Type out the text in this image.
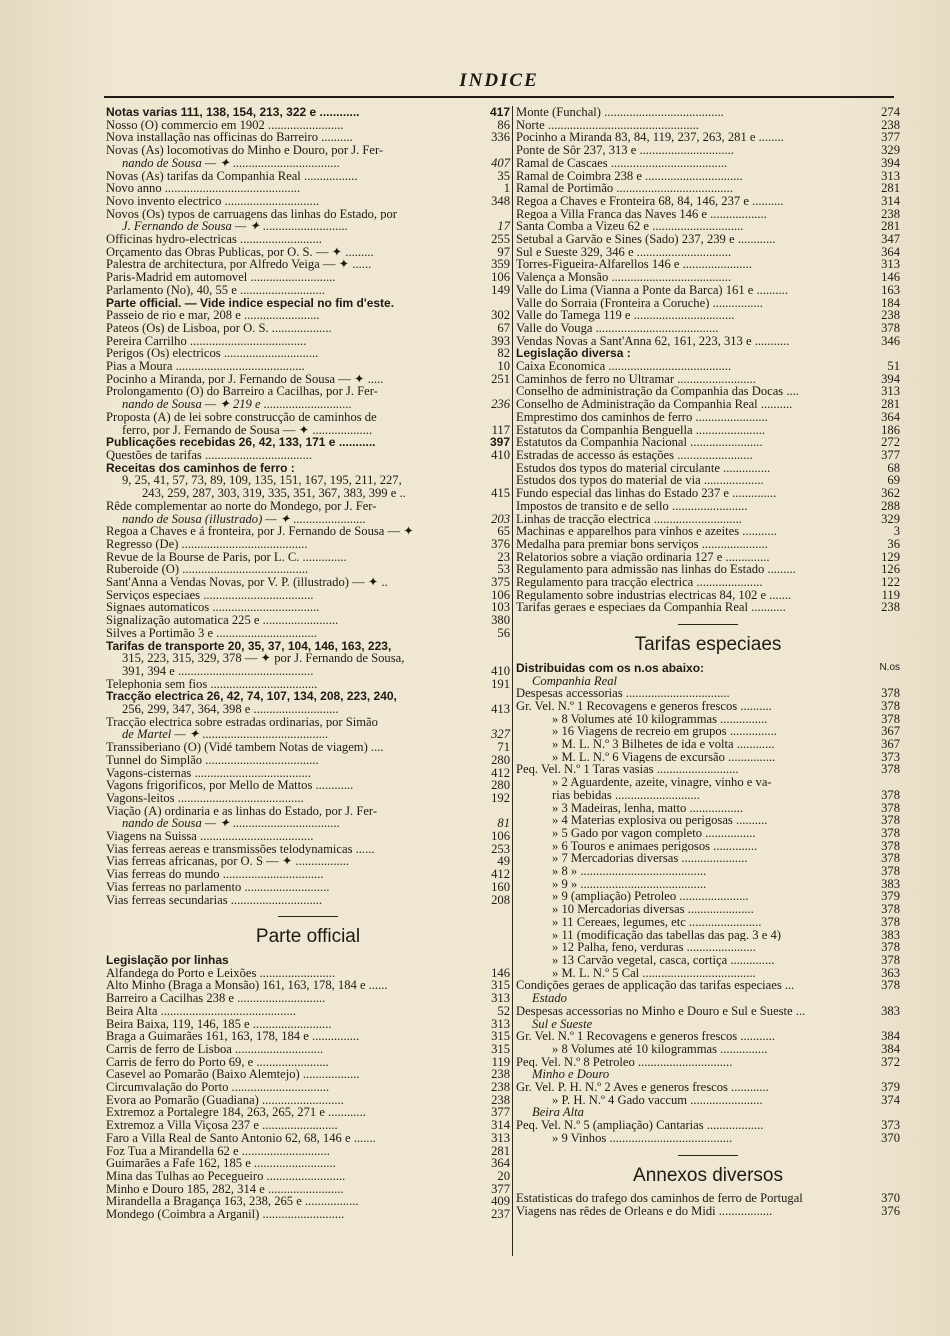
INDICE
Notas varias 111, 138, 154, 213, 322 e ............	417
Nosso (O) commercio em 1902 ........................	86
Nova installação nas officinas do Barreiro ..........	336
Novas (As) locomotivas do Minho e Douro, por J. Fer-
nando de Sousa — ✦ ..................................	407
Novas (As) tarifas da Companhia Real .................	35
Novo anno ...........................................	1
Novo invento electrico ..............................	348
Novos (Os) typos de carruagens das linhas do Estado, por
J. Fernando de Sousa — ✦ ...........................	17
Officinas hydro-electricas ..........................	255
Orçamento das Obras Publicas, por O. S. — ✦ .........	97
Palestra de architectura, por Alfredo Veiga — ✦ ......	359
Paris-Madrid em automovel ...........................	106
Parlamento (No), 40, 55 e ...........................	149
Parte official. — Vide indice especial no fim d'este.
Passeio de rio e mar, 208 e ........................	302
Pateos (Os) de Lisboa, por O. S. ...................	67
Pereira Carrilho .....................................	393
Perigos (Os) electricos ..............................	82
Pias a Moura .........................................	10
Pocinho a Miranda, por J. Fernando de Sousa — ✦ .....	251
Prolongamento (O) do Barreiro a Cacilhas, por J. Fer-
nando de Sousa — ✦ 219 e ............................	236
Proposta (A) de lei sobre construcção de caminhos de
ferro, por J. Fernando de Sousa — ✦ ...................	117
Publicações recebidas 26, 42, 133, 171 e ...........	397
Questões de tarifas ..................................	410
Receitas dos caminhos de ferro :
9, 25, 41, 57, 73, 89, 109, 135, 151, 167, 195, 211, 227,
243, 259, 287, 303, 319, 335, 351, 367, 383, 399 e ..	415
Rêde complementar ao norte do Mondego, por J. Fer-
nando de Sousa (illustrado) — ✦ .......................	203
Regoa a Chaves e á fronteira, por J. Fernando de Sousa — ✦	65
Regresso (De) ........................................	376
Revue de la Bourse de Paris, por L. C. ..............	23
Ruberoide (O) ........................................	53
Sant'Anna a Vendas Novas, por V. P. (illustrado) — ✦ ..	375
Serviços especiaes ...................................	106
Signaes automaticos ..................................	103
Signalização automatica 225 e ........................	380
Silves a Portimão 3 e ................................	56
Tarifas de transporte 20, 35, 37, 104, 146, 163, 223,
315, 223, 315, 329, 378 — ✦ por J. Fernando de Sousa,
391, 394 e ...........................................	410
Telephonia sem fios ..................................	191
Tracção electrica 26, 42, 74, 107, 134, 208, 223, 240,
256, 299, 347, 364, 398 e ...........................	413
Tracção electrica sobre estradas ordinarias, por Simão
de Martel — ✦ ........................................	327
Transsiberiano (O) (Vidé tambem Notas de viagem) ....	71
Tunnel do Simplão ....................................	280
Vagons-cisternas .....................................	412
Vagons frigorificos, por Mello de Mattos ............	280
Vagons-leitos ........................................	192
Viação (A) ordinaria e as linhas do Estado, por J. Fer-
nando de Sousa — ✦ ..................................	81
Viagens na Suissa ....................................	106
Vias ferreas aereas e transmissões telodynamicas ......	253
Vias ferreas africanas, por O. S — ✦ .................	49
Vias ferreas do mundo ................................	412
Vias ferreas no parlamento ...........................	160
Vias ferreas secundarias .............................	208
Parte official
Legislação por linhas
Alfandega do Porto e Leixões ........................	146
Alto Minho (Braga a Monsão) 161, 163, 178, 184 e ......	315
Barreiro a Cacilhas 238 e ............................	313
Beira Alta ...........................................	52
Beira Baixa, 119, 146, 185 e .........................	313
Braga a Guimarães 161, 163, 178, 184 e ...............	315
Carris de ferro de Lisboa ............................	315
Carris de ferro do Porto 69, e .......................	119
Casevel ao Pomarão (Baixo Alemtejo) ..................	238
Circumvalação do Porto ...............................	238
Evora ao Pomarão (Guadiana) ..........................	238
Extremoz a Portalegre 184, 263, 265, 271 e ............	377
Extremoz a Villa Viçosa 237 e ........................	314
Faro a Villa Real de Santo Antonio 62, 68, 146 e .......	313
Foz Tua a Mirandella 62 e ............................	281
Guimarães a Fafe 162, 185 e ..........................	364
Mina das Tulhas ao Pecegueiro .........................	20
Minho e Douro 185, 282, 314 e ........................	377
Mirandella a Bragança 163, 238, 265 e .................	409
Mondego (Coimbra a Arganil) ..........................	237
Monte (Funchal) ......................................	274
Norte ................................................	238
Pocinho a Miranda 83, 84, 119, 237, 263, 281 e ........	377
Ponte de Sôr 237, 313 e ..............................	329
Ramal de Cascaes .....................................	394
Ramal de Coimbra 238 e ...............................	313
Ramal de Portimão .....................................	281
Regoa a Chaves e Fronteira 68, 84, 146, 237 e ..........	314
Regoa a Villa Franca das Naves 146 e ..................	238
Santa Comba a Vizeu 62 e .............................	281
Setubal a Garvão e Sines (Sado) 237, 239 e ............	347
Sul e Sueste 329, 346 e ..............................	364
Torres-Figueira-Alfarellos 146 e ......................	313
Valença a Monsão ......................................	146
Valle do Lima (Vianna a Ponte da Barca) 161 e ..........	163
Valle do Sorraia (Fronteira a Coruche) ................	184
Valle do Tamega 119 e ................................	238
Valle do Vouga .......................................	378
Vendas Novas a Sant'Anna 62, 161, 223, 313 e ...........	346
Legislação diversa :
Caixa Economica .......................................	51
Caminhos de ferro no Ultramar .........................	394
Conselho de administração da Companhia das Docas ....	313
Conselho de Administração da Companhia Real ..........	281
Emprestimo dos caminhos de ferro .......................	364
Estatutos da Companhia Benguella ......................	186
Estatutos da Companhia Nacional .......................	272
Estradas de accesso ás estações ........................	377
Estudos dos typos do material circulante ...............	68
Estudos dos typos do material de via ...................	69
Fundo especial das linhas do Estado 237 e ..............	362
Impostos de transito e de sello ........................	288
Linhas de tracção electrica ............................	329
Machinas e apparelhos para vinhos e azeites ...........	3
Medalha para premiar bons serviços .....................	36
Relatorios sobre a viação ordinaria 127 e ..............	129
Regulamento para admissão nas linhas do Estado .........	126
Regulamento para tracção electrica .....................	122
Regulamento sobre industrias electricas 84, 102 e .......	119
Tarifas geraes e especiaes da Companhia Real ...........	238
Tarifas especiaes
Distribuidas com os n.os abaixo:	N.os
Companhia Real
Despesas accessorias .................................	378
Gr. Vel. N.º 1 Recovagens e generos frescos ..........	378
» 8 Volumes até 10 kilogrammas ...............	378
» 16 Viagens de recreio em grupos ...............	367
» M. L. N.º 3 Bilhetes de ida e volta ............	367
» M. L. N.º 6 Viagens de excursão ...............	373
Peq. Vel. N.º 1 Taras vasias ..........................	378
» 2 Aguardente, azeite, vinagre, vinho e va-
rias bebidas ...........................	378
» 3 Madeiras, lenha, matto .................	378
» 4 Materias explosiva ou perigosas ..........	378
» 5 Gado por vagon completo ................	378
» 6 Touros e animaes perigosos ..............	378
» 7 Mercadorias diversas .....................	378
» 8 » ........................................	378
» 9 » ........................................	383
» 9 (ampliação) Petroleo ......................	379
» 10 Mercadorias diversas .....................	378
» 11 Cereaes, legumes, etc .......................	378
» 11 (modificação das tabellas das pag. 3 e 4)	383
» 12 Palha, feno, verduras ......................	378
» 13 Carvão vegetal, casca, cortiça ..............	378
» M. L. N.º 5 Cal ....................................	363
Condições geraes de applicação das tarifas especiaes ...	378
Estado
Despesas accessorias no Minho e Douro e Sul e Sueste ...	383
Sul e Sueste
Gr. Vel. N.º 1 Recovagens e generos frescos ...........	384
» 8 Volumes até 10 kilogrammas ...............	384
Peq. Vel. N.º 8 Petroleo ..............................	372
Minho e Douro
Gr. Vel. P. H. N.º 2 Aves e generos frescos ............	379
» P. H. N.º 4 Gado vaccum .......................	374
Beira Alta
Peq. Vel. N.º 5 (ampliação) Cantarias ..................	373
» 9 Vinhos .......................................	370
Annexos diversos
Estatisticas do trafego dos caminhos de ferro de Portugal	370
Viagens nas rêdes de Orleans e do Midi .................	376
